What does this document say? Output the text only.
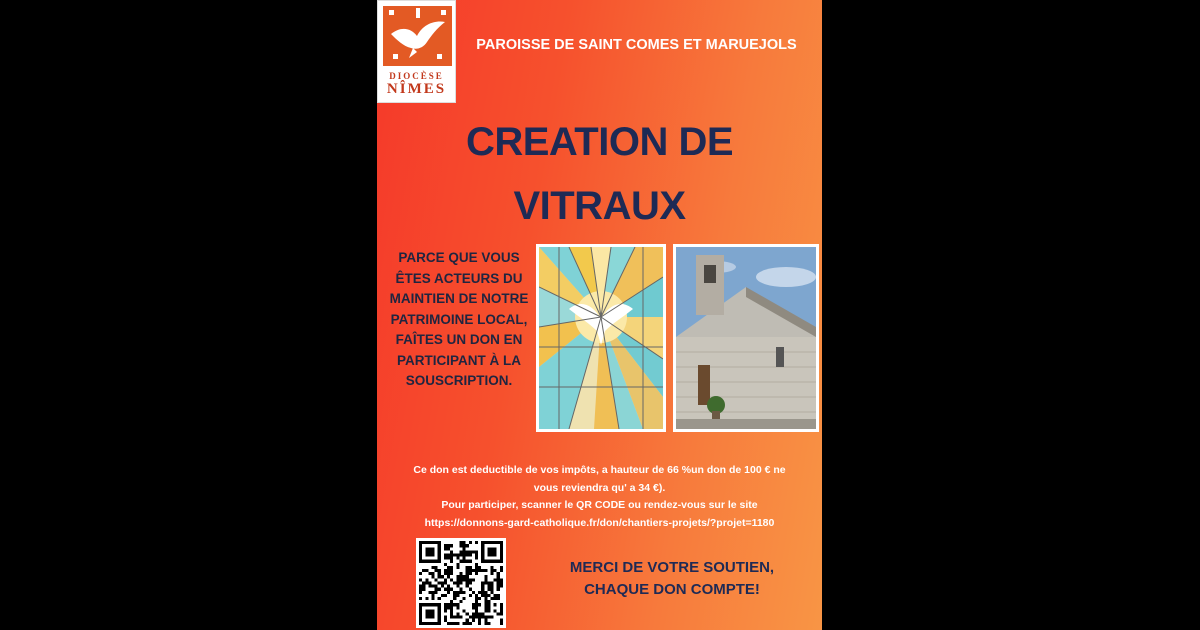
DIOCÈSE
NÎMES
PAROISSE DE SAINT COMES ET MARUEJOLS
CREATION DE
VITRAUX
PARCE QUE VOUS ÊTES ACTEURS DU MAINTIEN DE NOTRE PATRIMOINE LOCAL, FAÎTES UN DON EN PARTICIPANT À LA SOUSCRIPTION.
Ce don est deductible de vos impôts, a hauteur de 66 %un don de 100 € ne
vous reviendra qu' a 34 €).
Pour participer, scanner le QR CODE ou rendez-vous sur le site
https://donnons-gard-catholique.fr/don/chantiers-projets/?projet=1180
MERCI DE VOTRE SOUTIEN,
CHAQUE DON COMPTE!
